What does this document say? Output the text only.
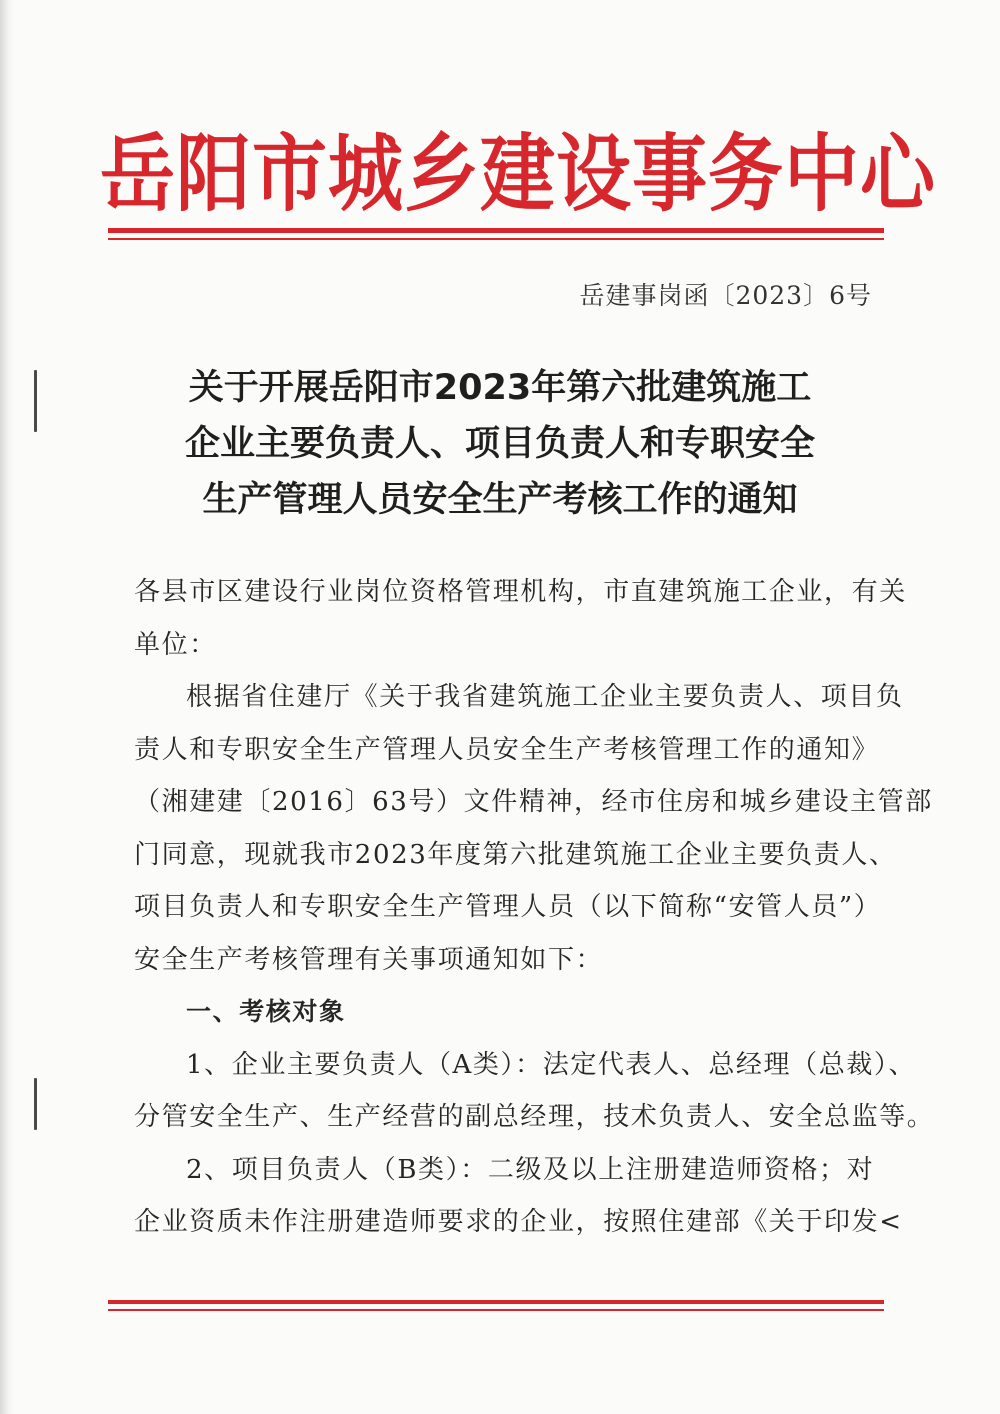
岳阳市城乡建设事务中心
岳建事岗函〔2023〕6号
关于开展岳阳市2023年第六批建筑施工
企业主要负责人、项目负责人和专职安全
生产管理人员安全生产考核工作的通知
各县市区建设行业岗位资格管理机构，市直建筑施工企业，有关
单位：
根据省住建厅《关于我省建筑施工企业主要负责人、项目负
责人和专职安全生产管理人员安全生产考核管理工作的通知》
（湘建建〔2016〕63号）文件精神，经市住房和城乡建设主管部
门同意，现就我市2023年度第六批建筑施工企业主要负责人、
项目负责人和专职安全生产管理人员（以下简称“安管人员”）
安全生产考核管理有关事项通知如下：
一、考核对象
1、企业主要负责人（A类）：法定代表人、总经理（总裁）、
分管安全生产、生产经营的副总经理，技术负责人、安全总监等。
2、项目负责人（B类）：二级及以上注册建造师资格；对
企业资质未作注册建造师要求的企业，按照住建部《关于印发<
